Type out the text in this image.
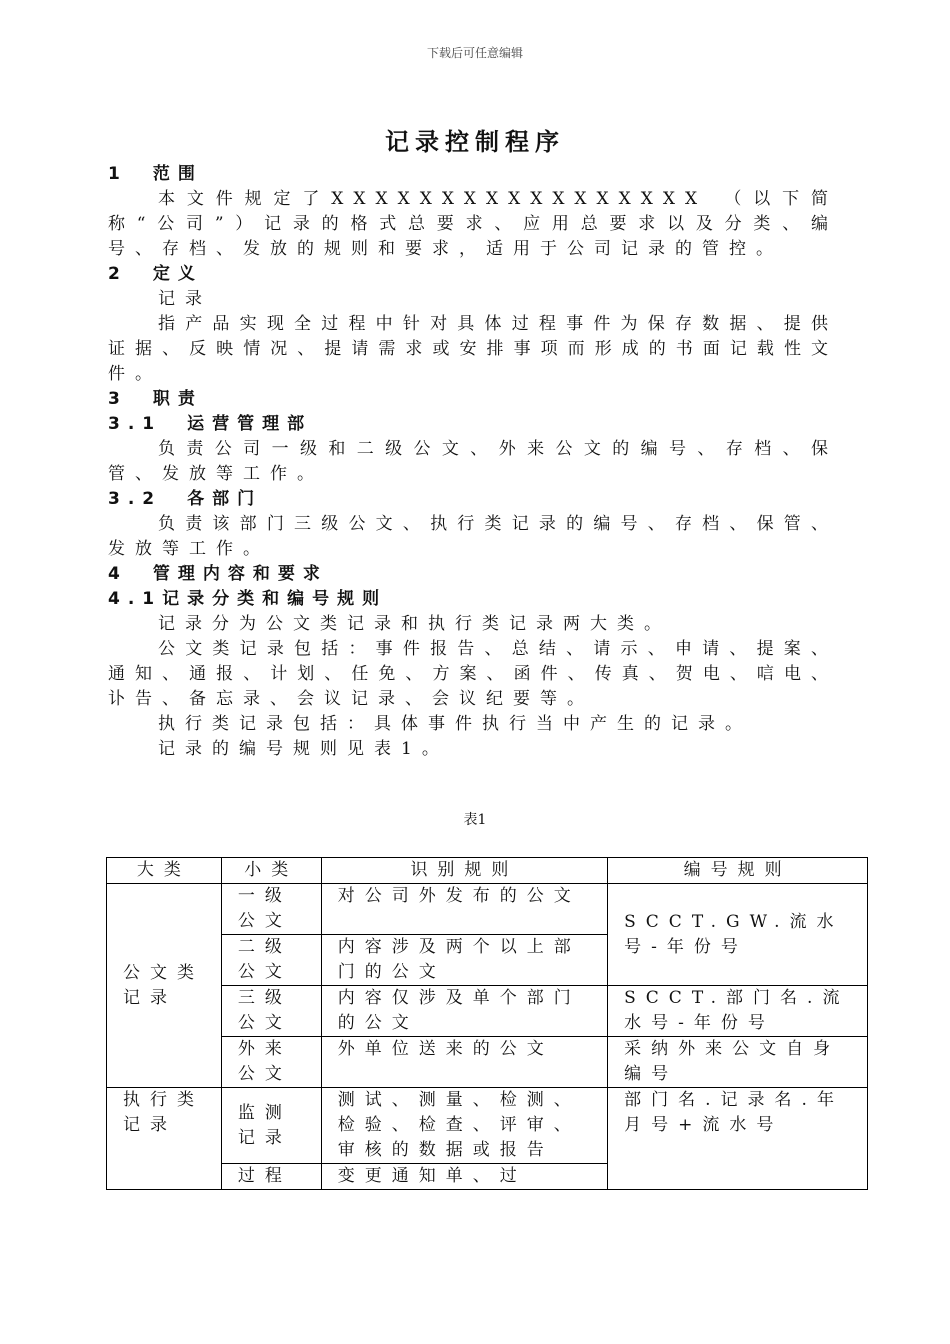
下载后可任意编辑
记录控制程序

1　范围

本文件规定了XXXXXXXXXXXXXXXXX （以下简称“公司”）记录的格式总要求、应用总要求以及分类、编号、存档、发放的规则和要求，适用于公司记录的管控。

2　定义

记录

指产品实现全过程中针对具体过程事件为保存数据、提供证据、反映情况、提请需求或安排事项而形成的书面记载性文件。

3　职责

3.1　运营管理部

负责公司一级和二级公文、外来公文的编号、存档、保管、发放等工作。

3.2　各部门

负责该部门三级公文、执行类记录的编号、存档、保管、发放等工作。

4　管理内容和要求

4.1记录分类和编号规则

记录分为公文类记录和执行类记录两大类。

公文类记录包括：事件报告、总结、请示、申请、提案、通知、通报、计划、任免、方案、函件、传真、贺电、唁电、讣告、备忘录、会议记录、会议纪要等。

执行类记录包括：具体事件执行当中产生的记录。

记录的编号规则见表1。

表1
大类	小类	识别规则	编号规则
公文类记录	一级公文	对公司外发布的公文	SCCT.GW.流水号-年份号
	二级公文	内容涉及两个以上部门的公文	
	三级公文	内容仅涉及单个部门的公文	SCCT.部门名.流水号-年份号
	外来公文	外单位送来的公文	采纳外来公文自身编号
执行类记录	监测记录	测试、测量、检测、检验、检查、评审、审核的数据或报告	部门名.记录名.年月号+流水号
	过程	变更通知单、过	
